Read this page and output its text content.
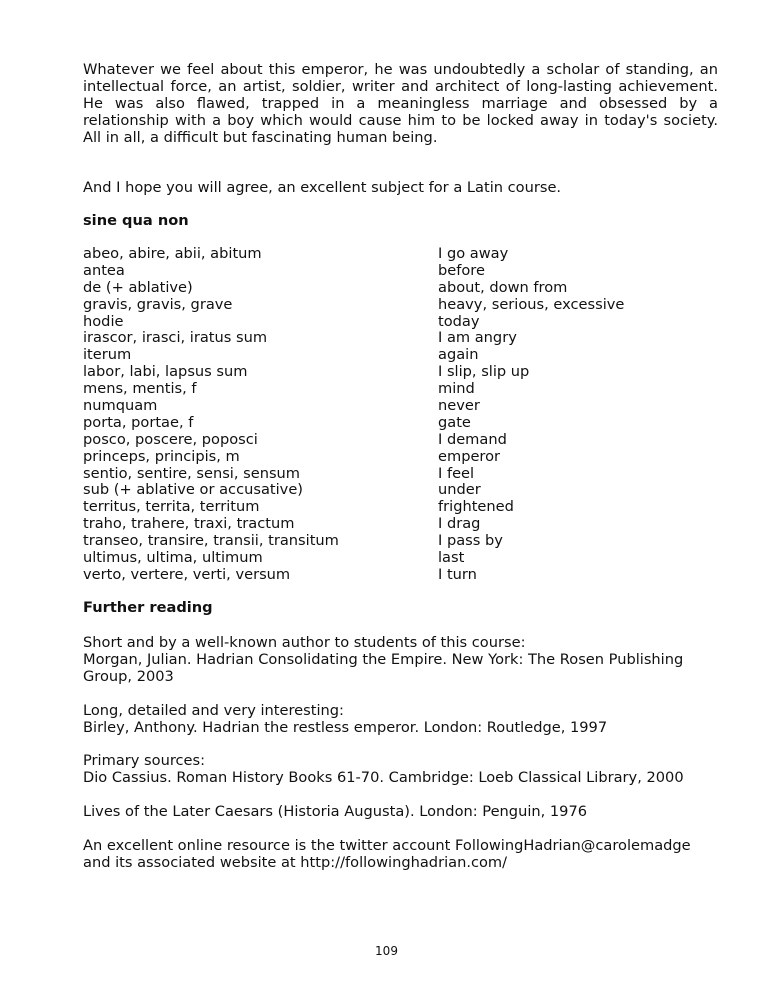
Whatever we feel about this emperor, he was undoubtedly a scholar of standing, an intellectual force, an artist, soldier, writer and architect of long-lasting achievement. He was also flawed, trapped in a meaningless marriage and obsessed by a relationship with a boy which would cause him to be locked away in today's society. All in all, a difficult but fascinating human being.

And I hope you will agree, an excellent subject for a Latin course.

sine qua non

abeo, abire, abii, abitum	I go away
antea	before
de (+ ablative)	about, down from
gravis, gravis, grave	heavy, serious, excessive
hodie	today
irascor, irasci, iratus sum	I am angry
iterum	again
labor, labi, lapsus sum	I slip, slip up
mens, mentis, f	mind
numquam	never
porta, portae, f	gate
posco, poscere, poposci	I demand
princeps, principis, m	emperor
sentio, sentire, sensi, sensum	I feel
sub (+ ablative or accusative)	under
territus, territa, territum	frightened
traho, trahere, traxi, tractum	I drag
transeo, transire, transii, transitum	I pass by
ultimus, ultima, ultimum	last
verto, vertere, verti, versum	I turn

Further reading

Short and by a well-known author to students of this course:

Morgan, Julian. Hadrian Consolidating the Empire. New York: The Rosen Publishing Group, 2003

Long, detailed and very interesting:

Birley, Anthony. Hadrian the restless emperor. London: Routledge, 1997

Primary sources:

Dio Cassius. Roman History Books 61-70. Cambridge: Loeb Classical Library, 2000

Lives of the Later Caesars (Historia Augusta). London: Penguin, 1976

An excellent online resource is the twitter account FollowingHadrian@carolemadge and its associated website at http://followinghadrian.com/

109
